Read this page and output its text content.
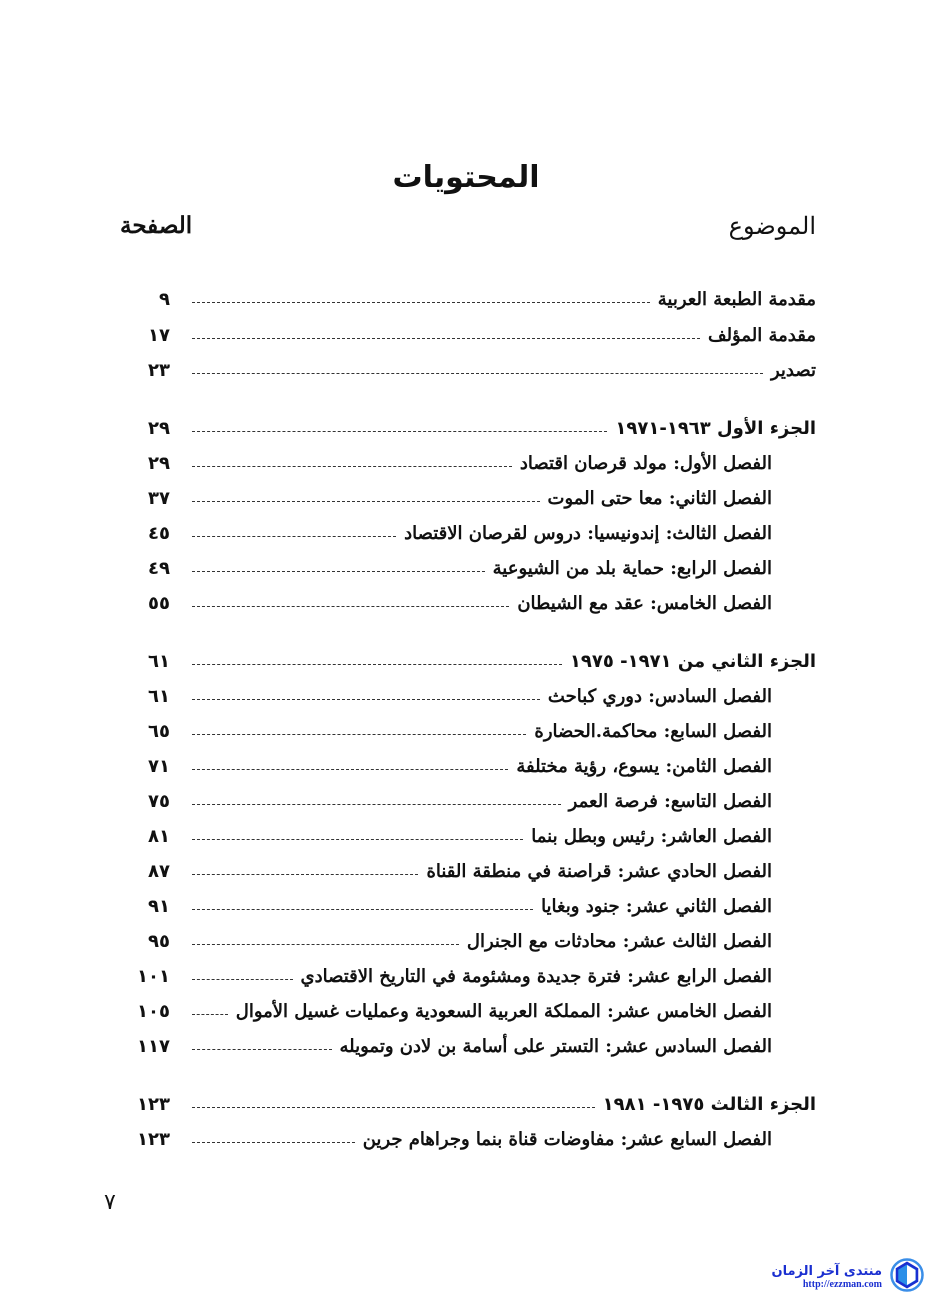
المحتويات
الموضوع
الصفحة
مقدمة الطبعة العربية
٩
مقدمة المؤلف
١٧
تصدير
٢٣
الجزء الأول ١٩٦٣-١٩٧١
٢٩
الفصل الأول: مولد قرصان اقتصاد
٢٩
الفصل الثاني: معا حتى الموت
٣٧
الفصل الثالث: إندونيسيا: دروس لقرصان الاقتصاد
٤٥
الفصل الرابع: حماية بلد من الشيوعية
٤٩
الفصل الخامس: عقد مع الشيطان
٥٥
الجزء الثاني من ١٩٧١- ١٩٧٥
٦١
الفصل السادس: دوري كباحث
٦١
الفصل السابع: محاكمة.الحضارة
٦٥
الفصل الثامن: يسوع، رؤية مختلفة
٧١
الفصل التاسع: فرصة العمر
٧٥
الفصل العاشر: رئيس وبطل بنما
٨١
الفصل الحادي عشر: قراصنة في منطقة القناة
٨٧
الفصل الثاني عشر: جنود وبغايا
٩١
الفصل الثالث عشر: محادثات مع الجنرال
٩٥
الفصل الرابع عشر: فترة جديدة ومشئومة في التاريخ الاقتصادي
١٠١
الفصل الخامس عشر: المملكة العربية السعودية وعمليات غسيل الأموال
١٠٥
الفصل السادس عشر: التستر على أسامة بن لادن وتمويله
١١٧
الجزء الثالث ١٩٧٥- ١٩٨١
١٢٣
الفصل السابع عشر: مفاوضات قناة بنما وجراهام جرين
١٢٣
٧
منتدى آخر الزمان
http://ezzman.com
